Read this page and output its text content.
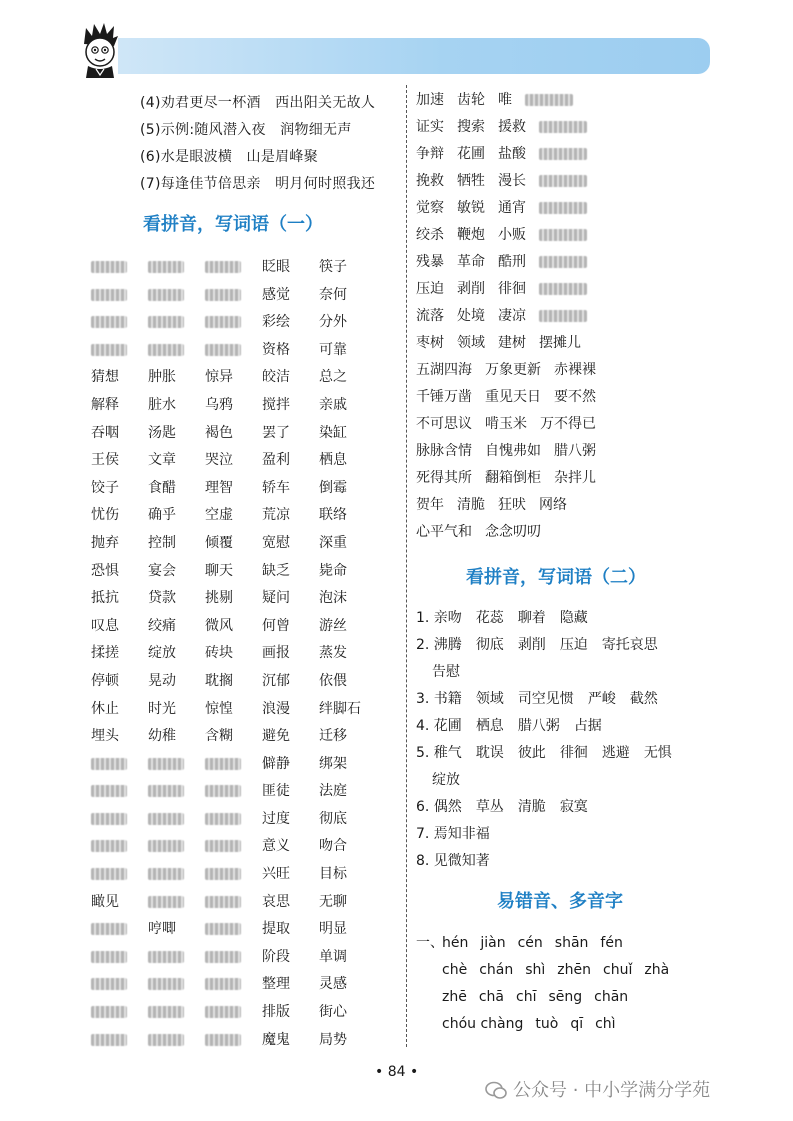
(4)劝君更尽一杯酒　西出阳关无故人
(5)示例:随风潜入夜　润物细无声
(6)水是眼波横　山是眉峰聚
(7)每逢佳节倍思亲　明月何时照我还
看拼音，写词语（一）
眨眼 筷子
感觉 奈何
彩绘 分外
资格 可靠
猜想 肿胀 惊异 皎洁 总之
解释 脏水 乌鸦 搅拌 亲戚
吞咽 汤匙 褐色 罢了 染缸
王侯 文章 哭泣 盈利 栖息
饺子 食醋 理智 轿车 倒霉
忧伤 确乎 空虚 荒凉 联络
抛弃 控制 倾覆 宽慰 深重
恐惧 宴会 聊天 缺乏 毙命
抵抗 贷款 挑剔 疑问 泡沫
叹息 绞痛 微风 何曾 游丝
揉搓 绽放 砖块 画报 蒸发
停顿 晃动 耽搁 沉郁 依偎
休止 时光 惊惶 浪漫 绊脚石
埋头 幼稚 含糊 避免 迁移
僻静 绑架
匪徒 法庭
过度 彻底
意义 吻合
兴旺 目标
瞰见	哀思 无聊
哼唧	提取 明显
阶段 单调
整理 灵感
排版 街心
魔鬼 局势
加速 齿轮 唯
证实 搜索 援救
争辩 花圃 盐酸
挽救 牺牲 漫长
觉察 敏锐 通宵
绞杀 鞭炮 小贩
残暴 革命 酷刑
压迫 剥削 徘徊
流落 处境 凄凉
枣树 领域 建树 摆摊儿
五湖四海 万象更新 赤裸裸
千锤万凿 重见天日 要不然
不可思议 啃玉米 万不得已
脉脉含情 自愧弗如 腊八粥
死得其所 翻箱倒柜 杂拌儿
贺年 清脆 狂吠 网络
心平气和 念念叨叨
看拼音，写词语（二）
1. 亲吻 花蕊 聊着 隐藏
2. 沸腾 彻底 剥削 压迫 寄托哀思
告慰
3. 书籍 领域 司空见惯 严峻 截然
4. 花圃 栖息 腊八粥 占据
5. 稚气 耽误 彼此 徘徊 逃避 无惧
绽放
6. 偶然 草丛 清脆 寂寞
7. 焉知非福
8. 见微知著
易错音、多音字
一、hén jiàn cén shān fén
chè chán shì zhēn chuǐ zhà
zhē chā chī sēng chān
chóu chàng tuò qī chì
• 84 •
公众号 · 中小学满分学苑
